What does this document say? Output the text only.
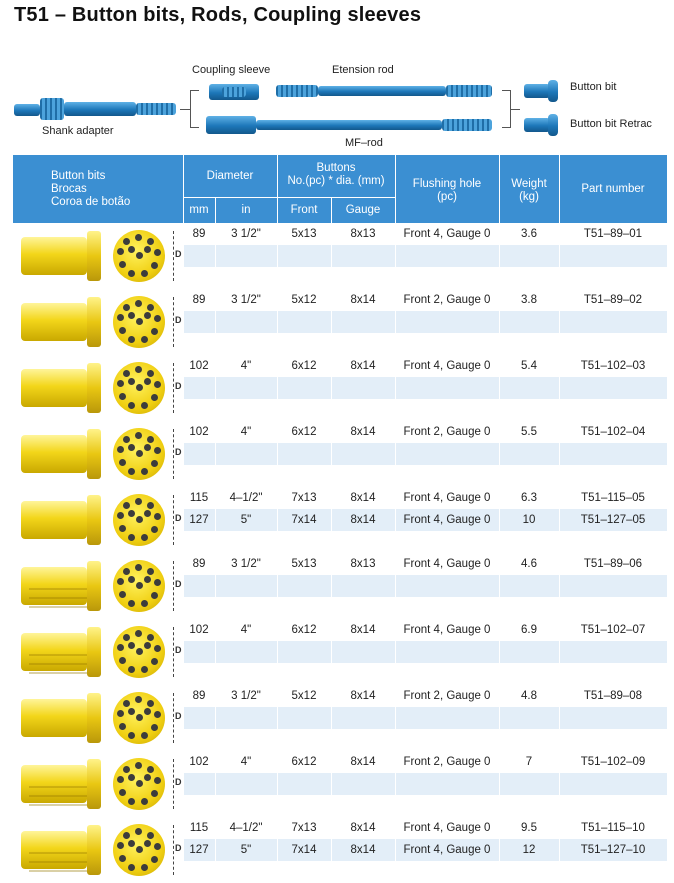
T51 – Button bits, Rods, Coupling sleeves
Coupling sleeve	Etension rod
Shank adapter
MF–rod
Button bit
Button bit Retrac
Button bits
Brocas
Coroa de botão
Diameter
mm	in
Buttons
No.(pc) * dia. (mm)
Front	Gauge
Flushing hole
(pc)
Weight
(kg)
Part number
89	3 1/2"	5x13	8x13	Front 4, Gauge 0	3.6	T51–89–01
D
89	3 1/2"	5x12	8x14	Front 2, Gauge 0	3.8	T51–89–02
D
102	4"	6x12	8x14	Front 4, Gauge 0	5.4	T51–102–03
D
102	4"	6x12	8x14	Front 2, Gauge 0	5.5	T51–102–04
D
115	4–1/2"	7x13	8x14	Front 4, Gauge 0	6.3	T51–115–05
127	5"	7x14	8x14	Front 4, Gauge 0	10	T51–127–05
D
89	3 1/2"	5x13	8x13	Front 4, Gauge 0	4.6	T51–89–06
D
102	4"	6x12	8x14	Front 4, Gauge 0	6.9	T51–102–07
D
89	3 1/2"	5x12	8x14	Front 2, Gauge 0	4.8	T51–89–08
D
102	4"	6x12	8x14	Front 2, Gauge 0	7	T51–102–09
D
115	4–1/2"	7x13	8x14	Front 4, Gauge 0	9.5	T51–115–10
127	5"	7x14	8x14	Front 4, Gauge 0	12	T51–127–10
D
